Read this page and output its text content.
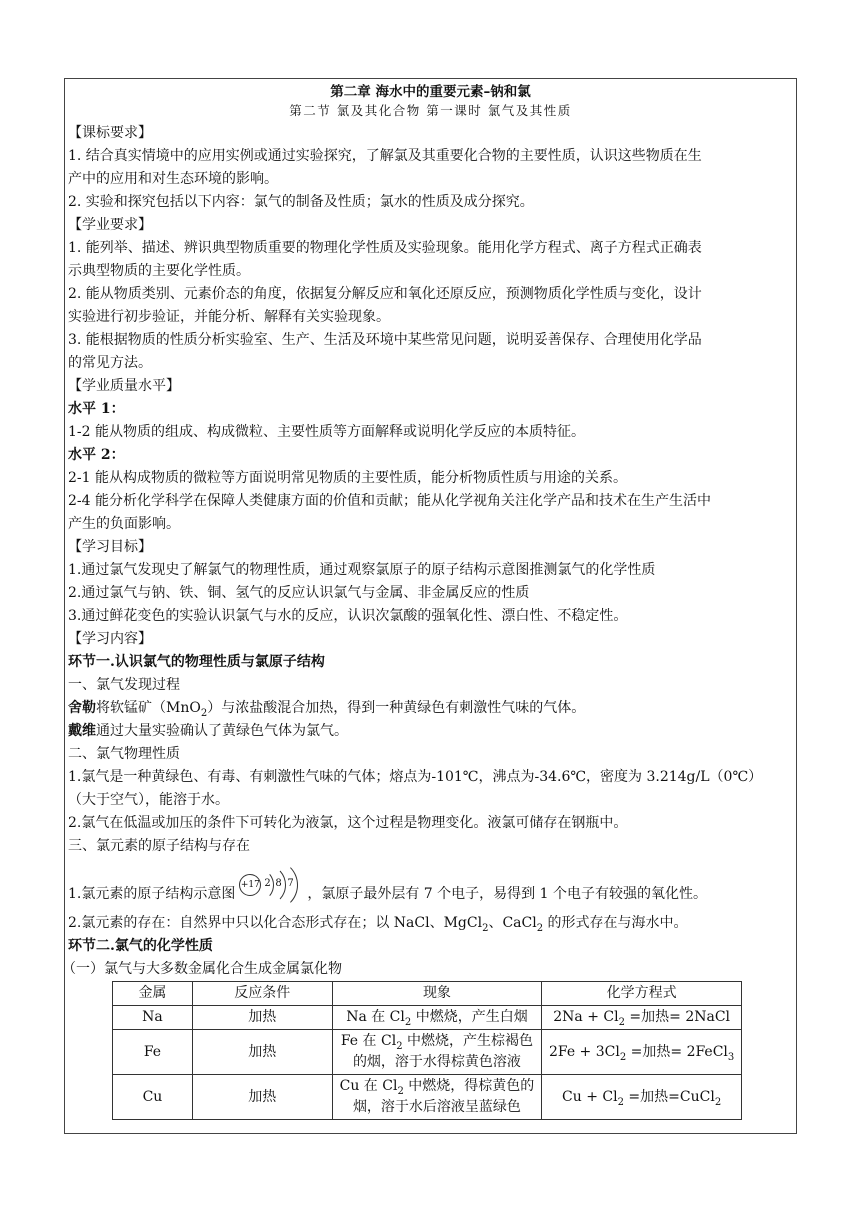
第二章 海水中的重要元素–钠和氯
第二节 氯及其化合物 第一课时 氯气及其性质
【课标要求】
1. 结合真实情境中的应用实例或通过实验探究，了解氯及其重要化合物的主要性质，认识这些物质在生
产中的应用和对生态环境的影响。
2. 实验和探究包括以下内容：氯气的制备及性质；氯水的性质及成分探究。
【学业要求】
1. 能列举、描述、辨识典型物质重要的物理化学性质及实验现象。能用化学方程式、离子方程式正确表
示典型物质的主要化学性质。
2. 能从物质类别、元素价态的角度，依据复分解反应和氧化还原反应，预测物质化学性质与变化，设计
实验进行初步验证，并能分析、解释有关实验现象。
3. 能根据物质的性质分析实验室、生产、生活及环境中某些常见问题，说明妥善保存、合理使用化学品
的常见方法。
【学业质量水平】
水平 1：
1-2 能从物质的组成、构成微粒、主要性质等方面解释或说明化学反应的本质特征。
水平 2：
2-1 能从构成物质的微粒等方面说明常见物质的主要性质，能分析物质性质与用途的关系。
2-4 能分析化学科学在保障人类健康方面的价值和贡献；能从化学视角关注化学产品和技术在生产生活中
产生的负面影响。
【学习目标】
1.通过氯气发现史了解氯气的物理性质，通过观察氯原子的原子结构示意图推测氯气的化学性质
2.通过氯气与钠、铁、铜、氢气的反应认识氯气与金属、非金属反应的性质
3.通过鲜花变色的实验认识氯气与水的反应，认识次氯酸的强氧化性、漂白性、不稳定性。
【学习内容】
环节一.认识氯气的物理性质与氯原子结构
一、氯气发现过程
舍勒将软锰矿（MnO$_2$）与浓盐酸混合加热，得到一种黄绿色有刺激性气味的气体。
戴维通过大量实验确认了黄绿色气体为氯气。
二、氯气物理性质
1.氯气是一种黄绿色、有毒、有刺激性气味的气体；熔点为-101℃，沸点为-34.6℃，密度为 3.214g/L（0℃）
（大于空气），能溶于水。
2.氯气在低温或加压的条件下可转化为液氯，这个过程是物理变化。液氯可储存在钢瓶中。
三、氯元素的原子结构与存在
1.氯元素的原子结构示意图
+17 2 8 7
，氯原子最外层有 7 个电子，易得到 1 个电子有较强的氧化性。
2.氯元素的存在：自然界中只以化合态形式存在；以 NaCl、MgCl$_2$、CaCl$_2$ 的形式存在与海水中。
环节二.氯气的化学性质
（一）氯气与大多数金属化合生成金属氯化物
金属	反应条件	现象	化学方程式
Na	加热	Na 在 $Cl_2$ 中燃烧，产生白烟	$2Na + Cl_2$ =加热= 2NaCl
Fe	加热	Fe 在 $Cl_2$ 中燃烧，产生棕褐色
的烟，溶于水得棕黄色溶液	$2Fe + 3Cl_2$ =加热= 2FeCl$_3$
Cu	加热	Cu 在 $Cl_2$ 中燃烧，得棕黄色的
烟，溶于水后溶液呈蓝绿色	$Cu + Cl_2$ =加热=CuCl$_2$
